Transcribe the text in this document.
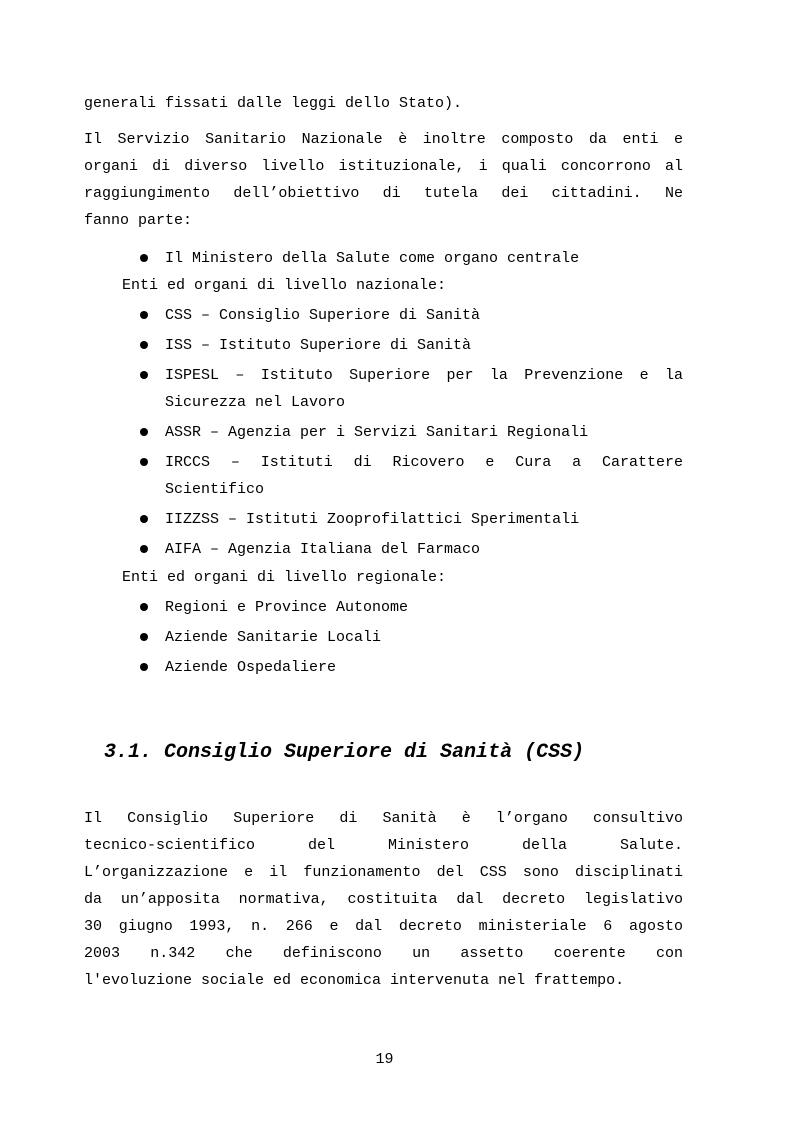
generali fissati dalle leggi dello Stato).
Il Servizio Sanitario Nazionale è inoltre composto da enti e
organi di diverso livello istituzionale, i quali concorrono al
raggiungimento dell’obiettivo di tutela dei cittadini. Ne
fanno parte:
Il Ministero della Salute come organo centrale
Enti ed organi di livello nazionale:
CSS – Consiglio Superiore di Sanità
ISS – Istituto Superiore di Sanità
ISPESL – Istituto Superiore per la Prevenzione e la
Sicurezza nel Lavoro
ASSR – Agenzia per i Servizi Sanitari Regionali
IRCCS – Istituti di Ricovero e Cura a Carattere
Scientifico
IIZZSS – Istituti Zooprofilattici Sperimentali
AIFA – Agenzia Italiana del Farmaco
Enti ed organi di livello regionale:
Regioni e Province Autonome
Aziende Sanitarie Locali
Aziende Ospedaliere
3.1. Consiglio Superiore di Sanità (CSS)
Il Consiglio Superiore di Sanità è l’organo consultivo
tecnico-scientifico del Ministero della Salute.
L’organizzazione e il funzionamento del CSS sono disciplinati
da un’apposita normativa, costituita dal decreto legislativo
30 giugno 1993, n. 266 e dal decreto ministeriale 6 agosto
2003 n.342 che definiscono un assetto coerente con
l'evoluzione sociale ed economica intervenuta nel frattempo.
19
